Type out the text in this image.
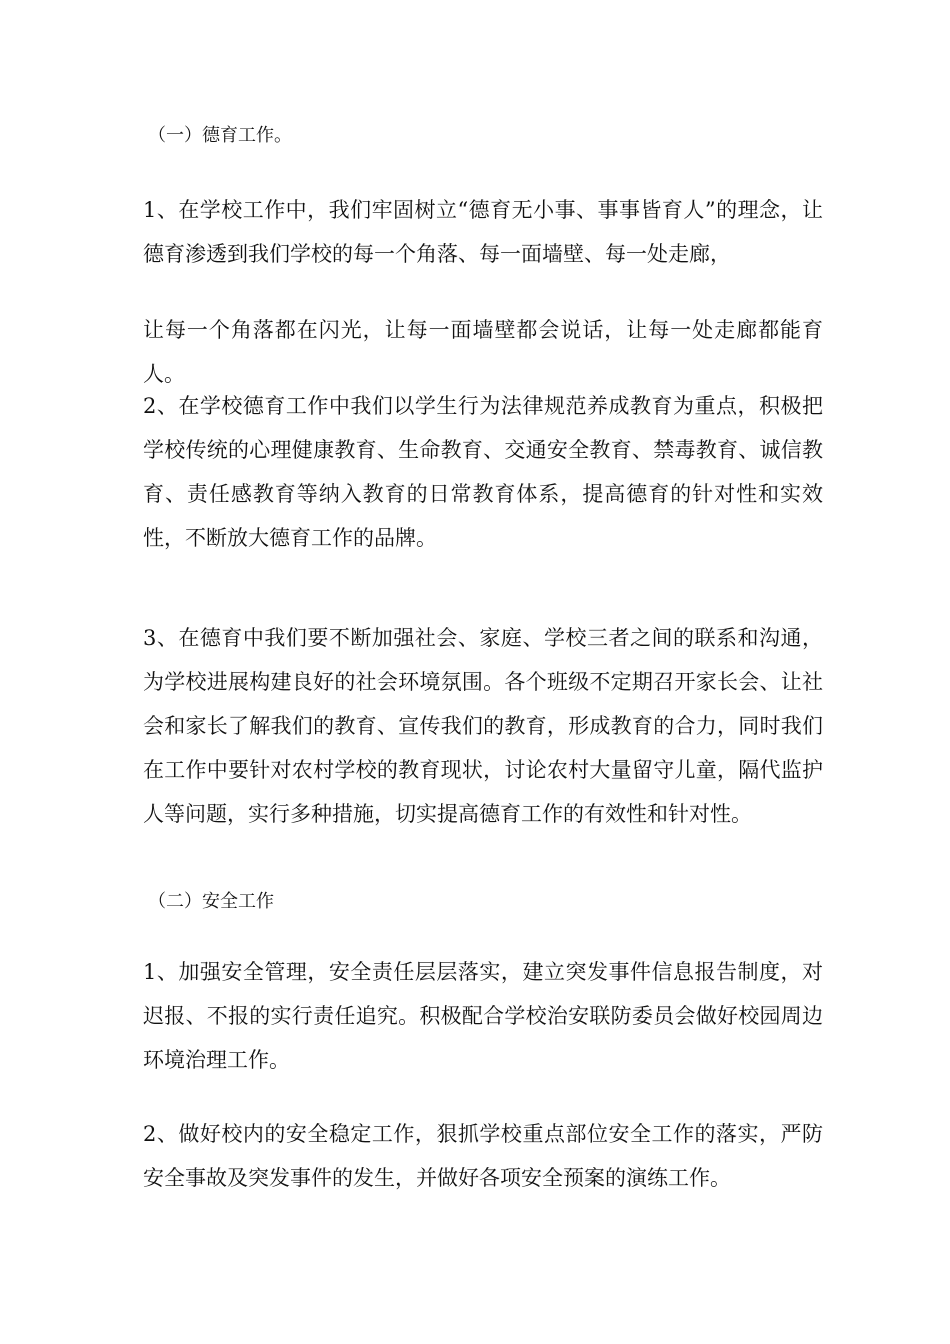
（一）德育工作。
1、在学校工作中，我们牢固树立“德育无小事、事事皆育人”的理念，让德育渗透到我们学校的每一个角落、每一面墙壁、每一处走廊，
让每一个角落都在闪光，让每一面墙壁都会说话，让每一处走廊都能育人。
2、在学校德育工作中我们以学生行为法律规范养成教育为重点，积极把学校传统的心理健康教育、生命教育、交通安全教育、禁毒教育、诚信教育、责任感教育等纳入教育的日常教育体系，提高德育的针对性和实效性，不断放大德育工作的品牌。
3、在德育中我们要不断加强社会、家庭、学校三者之间的联系和沟通，为学校进展构建良好的社会环境氛围。各个班级不定期召开家长会、让社会和家长了解我们的教育、宣传我们的教育，形成教育的合力，同时我们在工作中要针对农村学校的教育现状，讨论农村大量留守儿童，隔代监护人等问题，实行多种措施，切实提高德育工作的有效性和针对性。
（二）安全工作
1、加强安全管理，安全责任层层落实，建立突发事件信息报告制度，对迟报、不报的实行责任追究。积极配合学校治安联防委员会做好校园周边环境治理工作。
2、做好校内的安全稳定工作，狠抓学校重点部位安全工作的落实，严防安全事故及突发事件的发生，并做好各项安全预案的演练工作。
